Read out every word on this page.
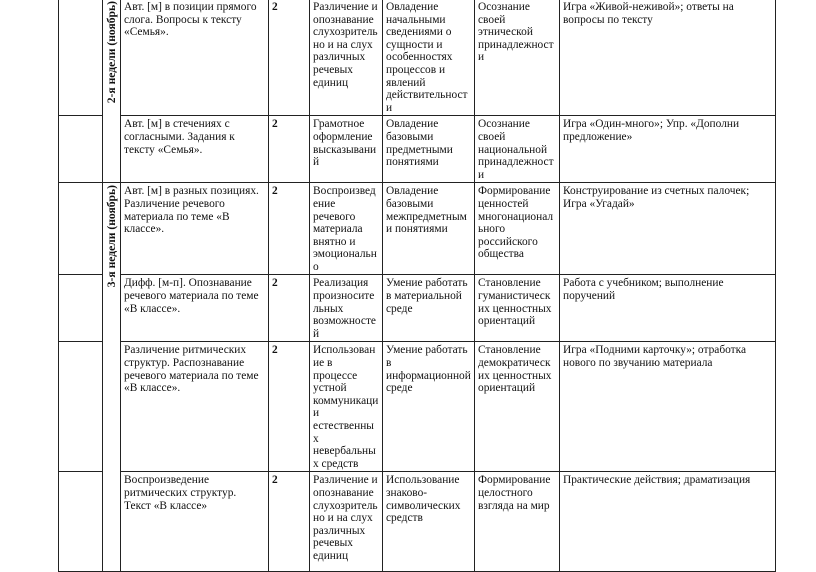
	2-я недели (ноябрь)	Авт. [м] в позиции прямого слога. Вопросы к тексту «Семья».	2	Различение и опознавание слухозрительно и на слух различных речевых единиц	Овладение начальными сведениями о сущности и особенностях процессов и явлений действительности	Осознание своей этнической принадлежности	Игра «Живой-неживой»; ответы на вопросы по тексту
		Авт. [м] в стечениях с согласными. Задания к тексту «Семья».	2	Грамотное оформление высказываний	Овладение базовыми предметными понятиями	Осознание своей национальной принадлежности	Игра «Один-много»; Упр. «Дополни предложение»
	3-я недели (ноябрь)	Авт. [м] в разных позициях. Различение речевого материала по теме «В классе».	2	Воспроизведение речевого материала внятно и эмоционально	Овладение базовыми межпредметными понятиями	Формирование ценностей многонационального российского общества	Конструирование из счетных палочек; Игра «Угадай»
		Дифф. [м-п]. Опознавание речевого материала по теме «В классе».	2	Реализация произносительных возможностей	Умение работать в материальной среде	Становление гуманистических ценностных ориентаций	Работа с учебником; выполнение поручений
		Различение ритмических структур. Распознавание речевого материала по теме «В классе».	2	Использование в процессе устной коммуникации естественных невербальных средств	Умение работать в информационной среде	Становление демократических ценностных ориентаций	Игра «Подними карточку»; отработка нового по звучанию материала
		Воспроизведение ритмических структур. Текст «В классе»	2	Различение и опознавание слухозрительно и на слух различных речевых единиц	Использование знаково-символических средств	Формирование целостного взгляда на мир	Практические действия; драматизация
